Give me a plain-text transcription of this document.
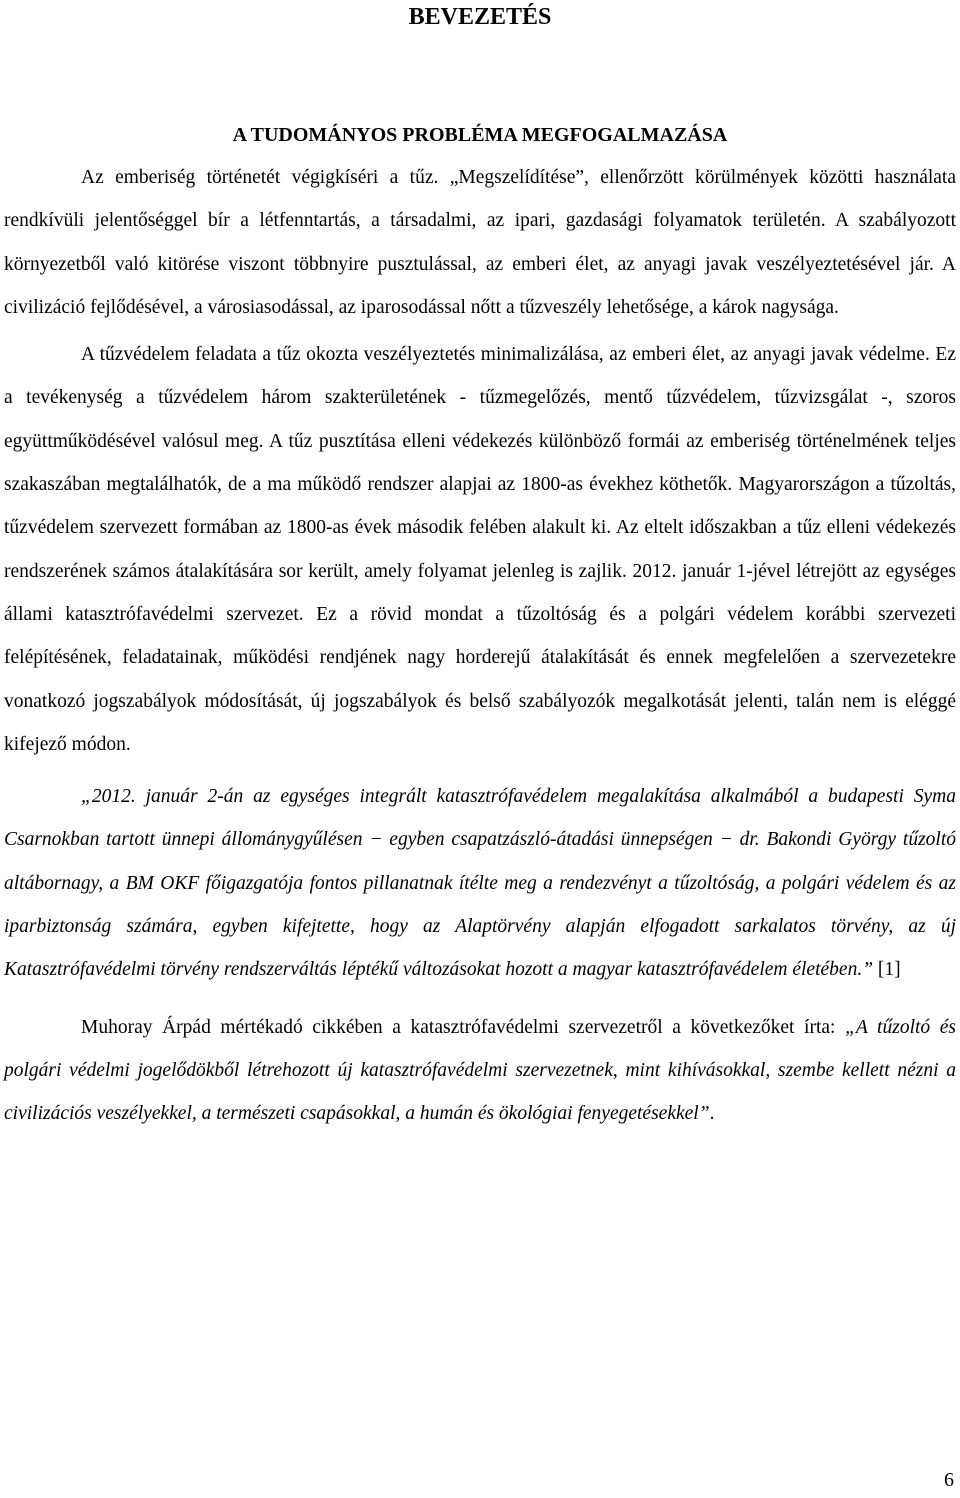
BEVEZETÉS
A TUDOMÁNYOS PROBLÉMA MEGFOGALMAZÁSA

Az emberiség történetét végigkíséri a tűz. „Megszelídítése”, ellenőrzött körülmények közötti használata rendkívüli jelentőséggel bír a létfenntartás, a társadalmi, az ipari, gazdasági folyamatok területén. A szabályozott környezetből való kitörése viszont többnyire pusztulással, az emberi élet, az anyagi javak veszélyeztetésével jár. A civilizáció fejlődésével, a városiasodással, az iparosodással nőtt a tűzveszély lehetősége, a károk nagysága.

A tűzvédelem feladata a tűz okozta veszélyeztetés minimalizálása, az emberi élet, az anyagi javak védelme. Ez a tevékenység a tűzvédelem három szakterületének - tűzmegelőzés, mentő tűzvédelem, tűzvizsgálat -, szoros együttműködésével valósul meg. A tűz pusztítása elleni védekezés különböző formái az emberiség történelmének teljes szakaszában megtalálhatók, de a ma működő rendszer alapjai az 1800-as évekhez köthetők. Magyarországon a tűzoltás, tűzvédelem szervezett formában az 1800-as évek második felében alakult ki. Az eltelt időszakban a tűz elleni védekezés rendszerének számos átalakítására sor került, amely folyamat jelenleg is zajlik. 2012. január 1-jével létrejött az egységes állami katasztrófavédelmi szervezet. Ez a rövid mondat a tűzoltóság és a polgári védelem korábbi szervezeti felépítésének, feladatainak, működési rendjének nagy horderejű átalakítását és ennek megfelelően a szervezetekre vonatkozó jogszabályok módosítását, új jogszabályok és belső szabályozók megalkotását jelenti, talán nem is eléggé kifejező módon.

„2012. január 2-án az egységes integrált katasztrófavédelem megalakítása alkalmából a budapesti Syma Csarnokban tartott ünnepi állománygyűlésen − egyben csapatzászló-átadási ünnepségen − dr. Bakondi György tűzoltó altábornagy, a BM OKF főigazgatója fontos pillanatnak ítélte meg a rendezvényt a tűzoltóság, a polgári védelem és az iparbiztonság számára, egyben kifejtette, hogy az Alaptörvény alapján elfogadott sarkalatos törvény, az új Katasztrófavédelmi törvény rendszerváltás léptékű változásokat hozott a magyar katasztrófavédelem életében.” [1]

Muhoray Árpád mértékadó cikkében a katasztrófavédelmi szervezetről a következőket írta: „A tűzoltó és polgári védelmi jogelődökből létrehozott új katasztrófavédelmi szervezetnek, mint kihívásokkal, szembe kellett nézni a civilizációs veszélyekkel, a természeti csapásokkal, a humán és ökológiai fenyegetésekkel”.

6
